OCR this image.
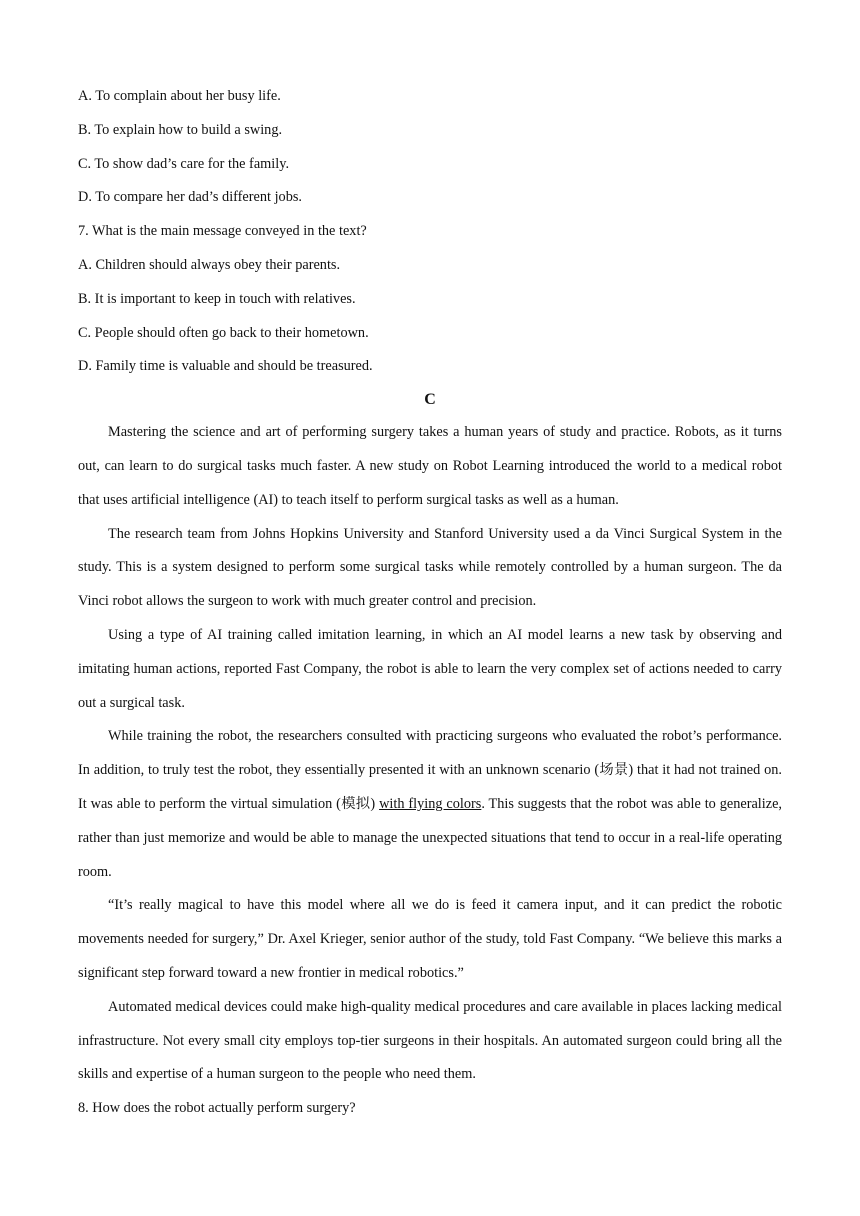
A. To complain about her busy life.

B. To explain how to build a swing.

C. To show dad’s care for the family.

D. To compare her dad’s different jobs.

7. What is the main message conveyed in the text?

A. Children should always obey their parents.

B. It is important to keep in touch with relatives.

C. People should often go back to their hometown.

D. Family time is valuable and should be treasured.

C

Mastering the science and art of performing surgery takes a human years of study and practice. Robots, as it turns out, can learn to do surgical tasks much faster. A new study on Robot Learning introduced the world to a medical robot that uses artificial intelligence (AI) to teach itself to perform surgical tasks as well as a human.

The research team from Johns Hopkins University and Stanford University used a da Vinci Surgical System in the study. This is a system designed to perform some surgical tasks while remotely controlled by a human surgeon. The da Vinci robot allows the surgeon to work with much greater control and precision.

Using a type of AI training called imitation learning, in which an AI model learns a new task by observing and imitating human actions, reported Fast Company, the robot is able to learn the very complex set of actions needed to carry out a surgical task.

While training the robot, the researchers consulted with practicing surgeons who evaluated the robot’s performance. In addition, to truly test the robot, they essentially presented it with an unknown scenario (场景) that it had not trained on. It was able to perform the virtual simulation (模拟) with flying colors. This suggests that the robot was able to generalize, rather than just memorize and would be able to manage the unexpected situations that tend to occur in a real-life operating room.

“It’s really magical to have this model where all we do is feed it camera input, and it can predict the robotic movements needed for surgery,” Dr. Axel Krieger, senior author of the study, told Fast Company. “We believe this marks a significant step forward toward a new frontier in medical robotics.”

Automated medical devices could make high-quality medical procedures and care available in places lacking medical infrastructure. Not every small city employs top-tier surgeons in their hospitals. An automated surgeon could bring all the skills and expertise of a human surgeon to the people who need them.

8. How does the robot actually perform surgery?
